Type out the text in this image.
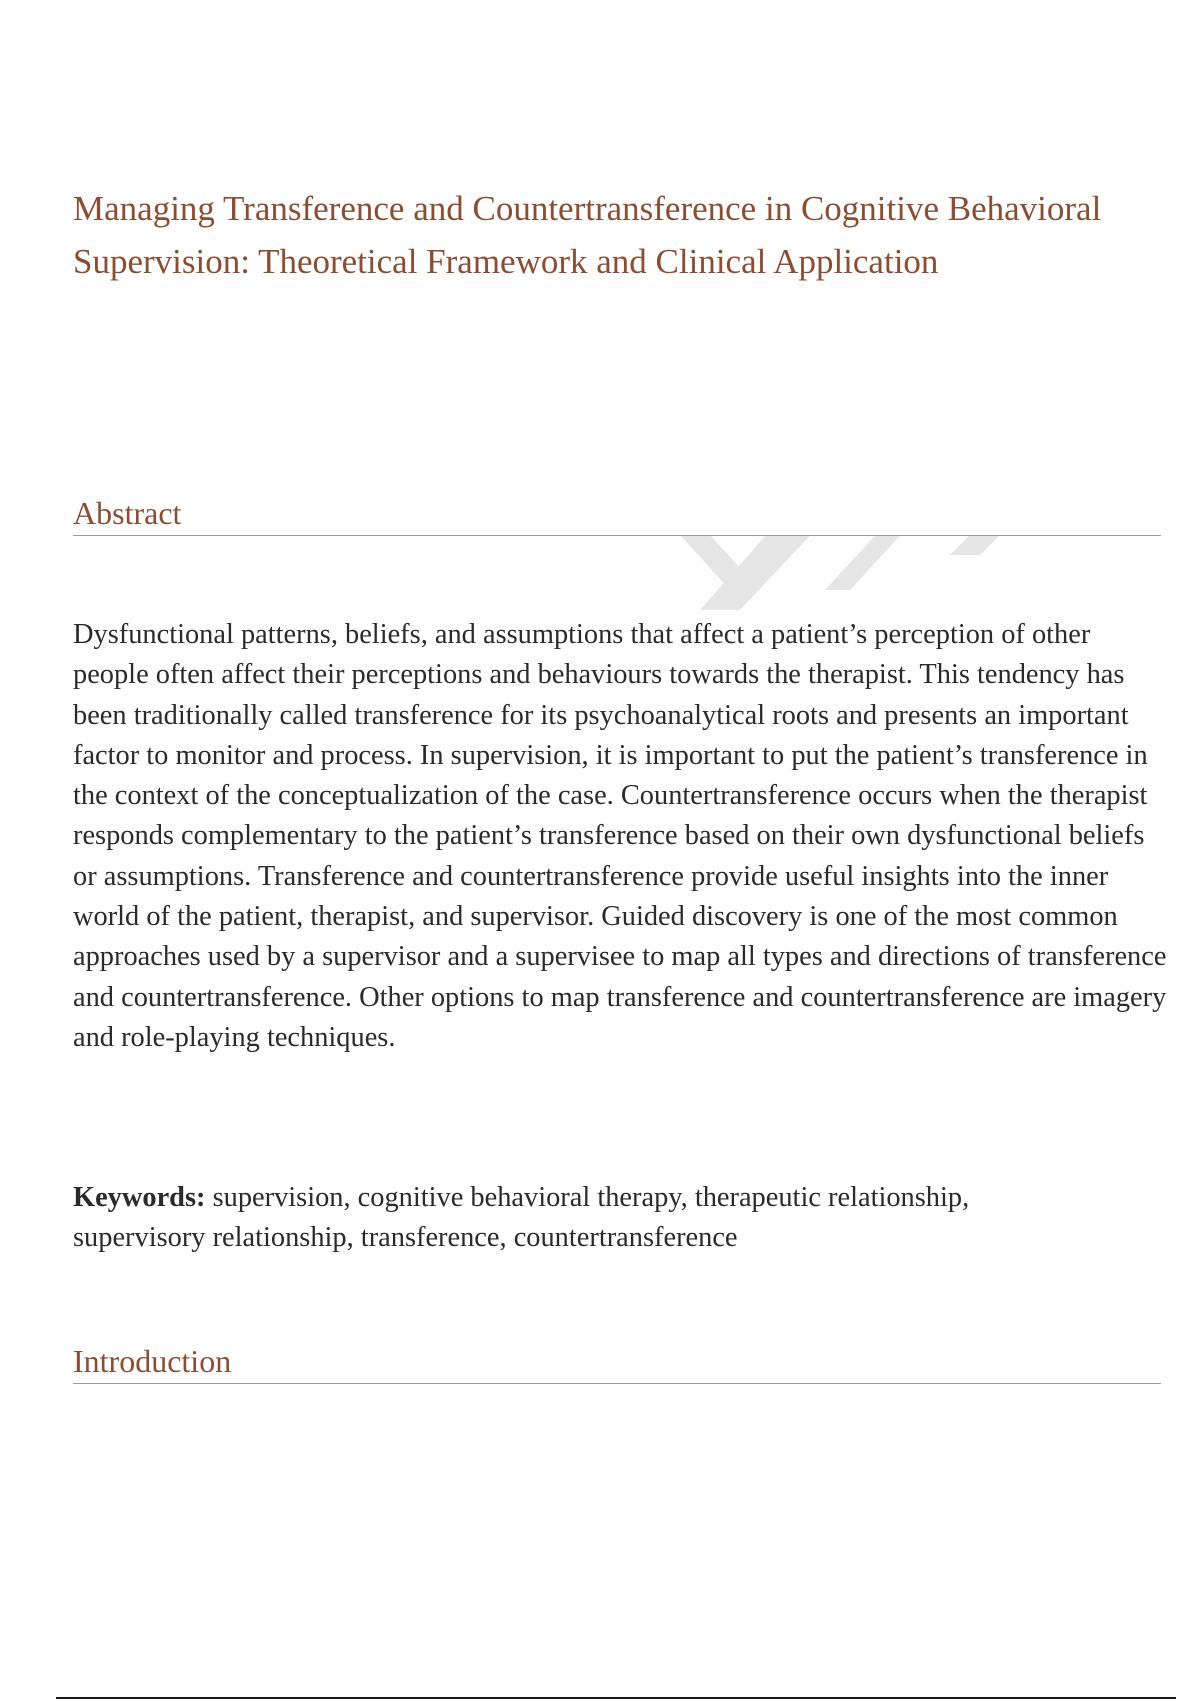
Managing Transference and Countertransference in Cognitive Behavioral Supervision: Theoretical Framework and Clinical Application
Abstract

Dysfunctional patterns, beliefs, and assumptions that affect a patient’s perception of other people often affect their perceptions and behaviours towards the therapist. This tendency has been traditionally called transference for its psychoanalytical roots and presents an important factor to monitor and process. In supervision, it is important to put the patient’s transference in the context of the conceptualization of the case. Countertransference occurs when the therapist responds complementary to the patient’s transference based on their own dysfunctional beliefs or assumptions. Transference and countertransference provide useful insights into the inner world of the patient, therapist, and supervisor. Guided discovery is one of the most common approaches used by a supervisor and a supervisee to map all types and directions of transference and countertransference. Other options to map transference and countertransference are imagery and role-playing techniques.

Keywords: supervision, cognitive behavioral therapy, therapeutic relationship, supervisory relationship, transference, countertransference

Introduction
